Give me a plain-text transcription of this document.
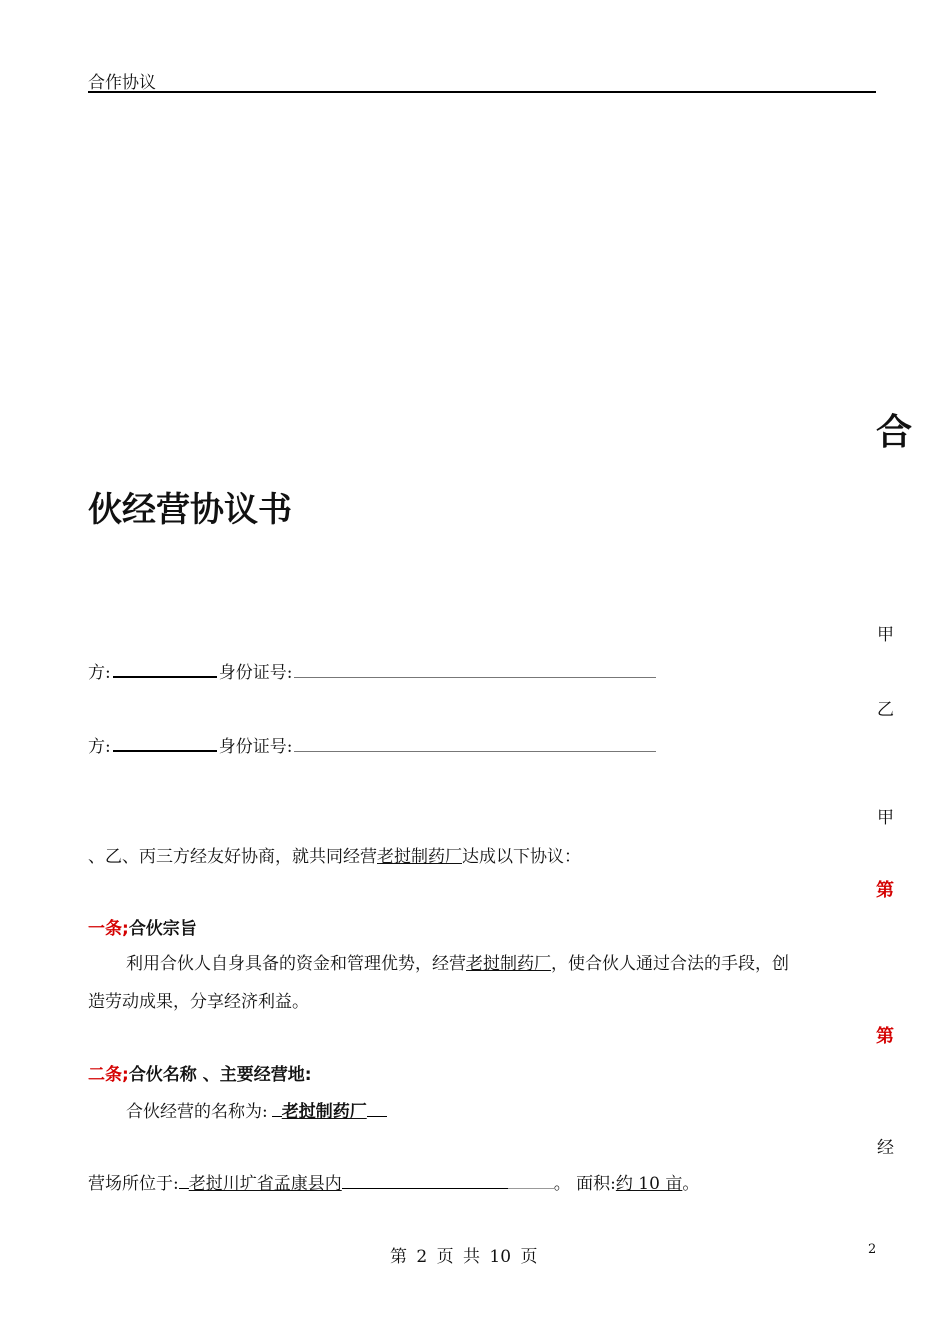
合作协议
合
伙经营协议书
甲
方:	身份证号:
乙
方:	身份证号:
甲
、乙、丙三方经友好协商，就共同经营老挝制药厂达成以下协议：
第
一条;合伙宗旨
利用合伙人自身具备的资金和管理优势，经营老挝制药厂，使合伙人通过合法的手段，创
造劳动成果，分享经济利益。
第
二条;合伙名称 、主要经营地:
合伙经营的名称为: 老挝制药厂
经
营场所位于: 老挝川圹省孟康县内	。 面积:约 10 亩。
第 2 页 共 10 页	2
